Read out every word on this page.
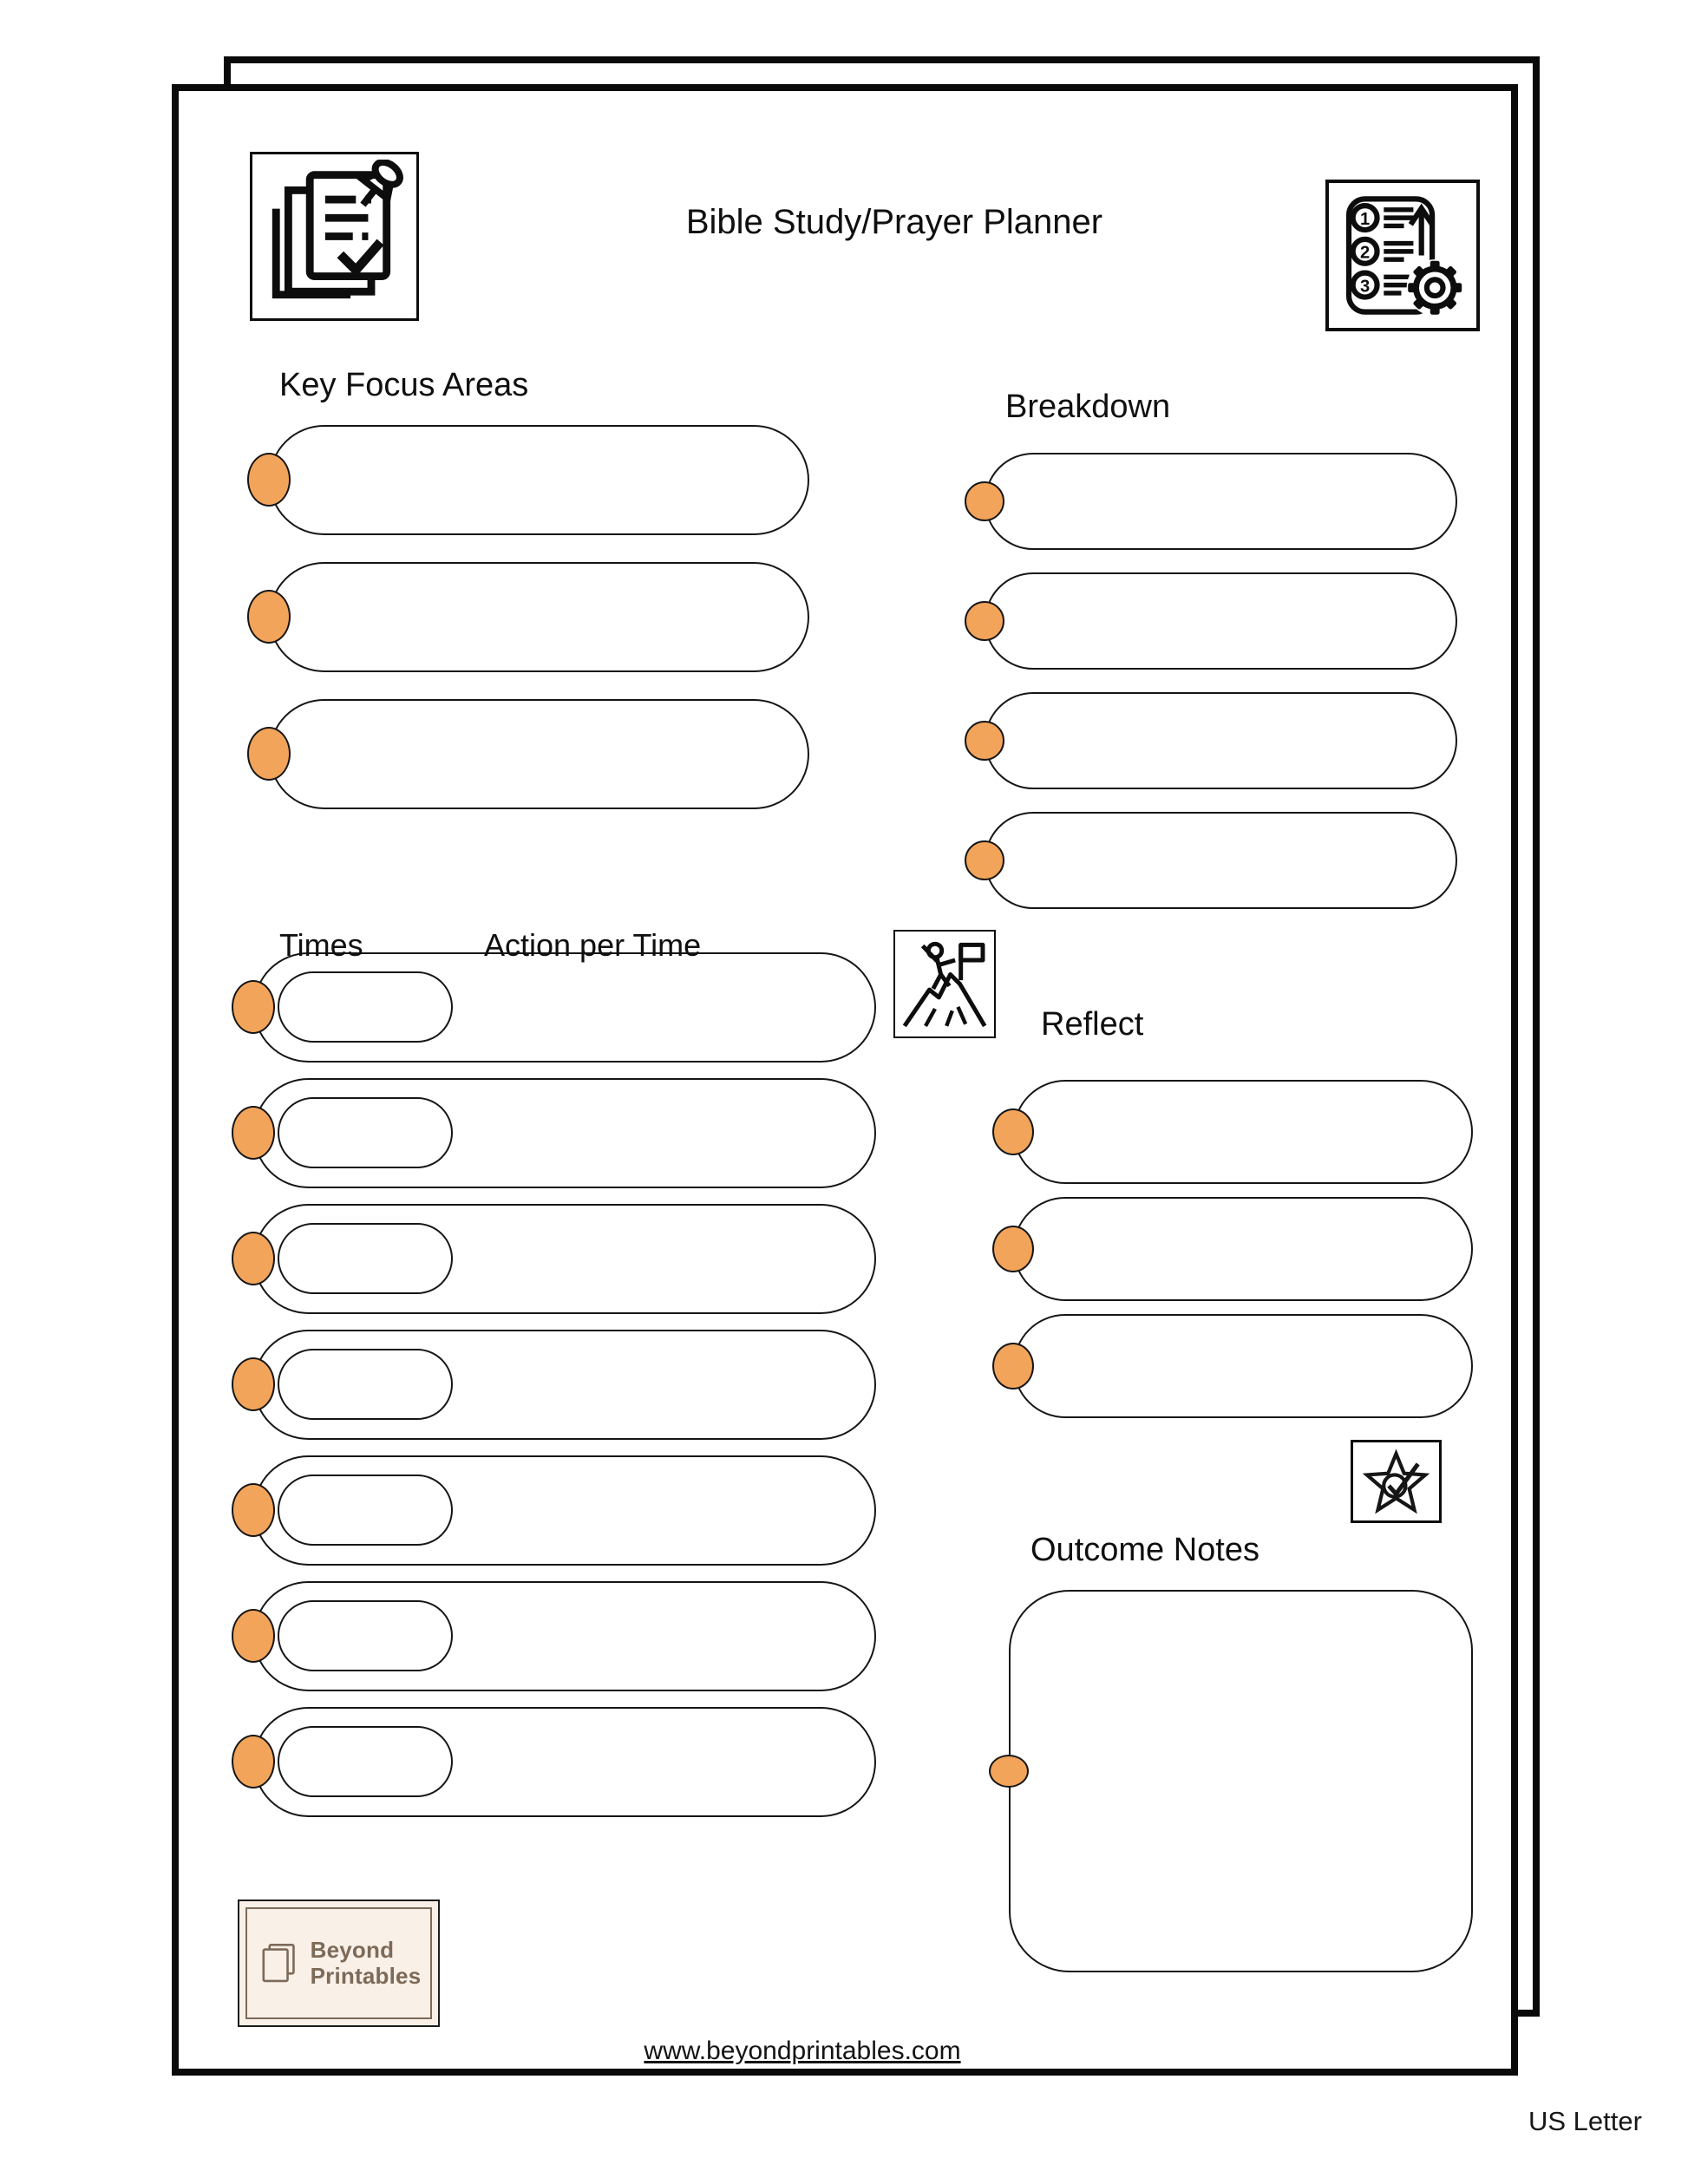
Bible Study/Prayer Planner	1
2
3
Key Focus Areas
Breakdown
Times	Action per Time
Reflect
Outcome Notes
Beyond
Printables
www.beyondprintables.com
US Letter
